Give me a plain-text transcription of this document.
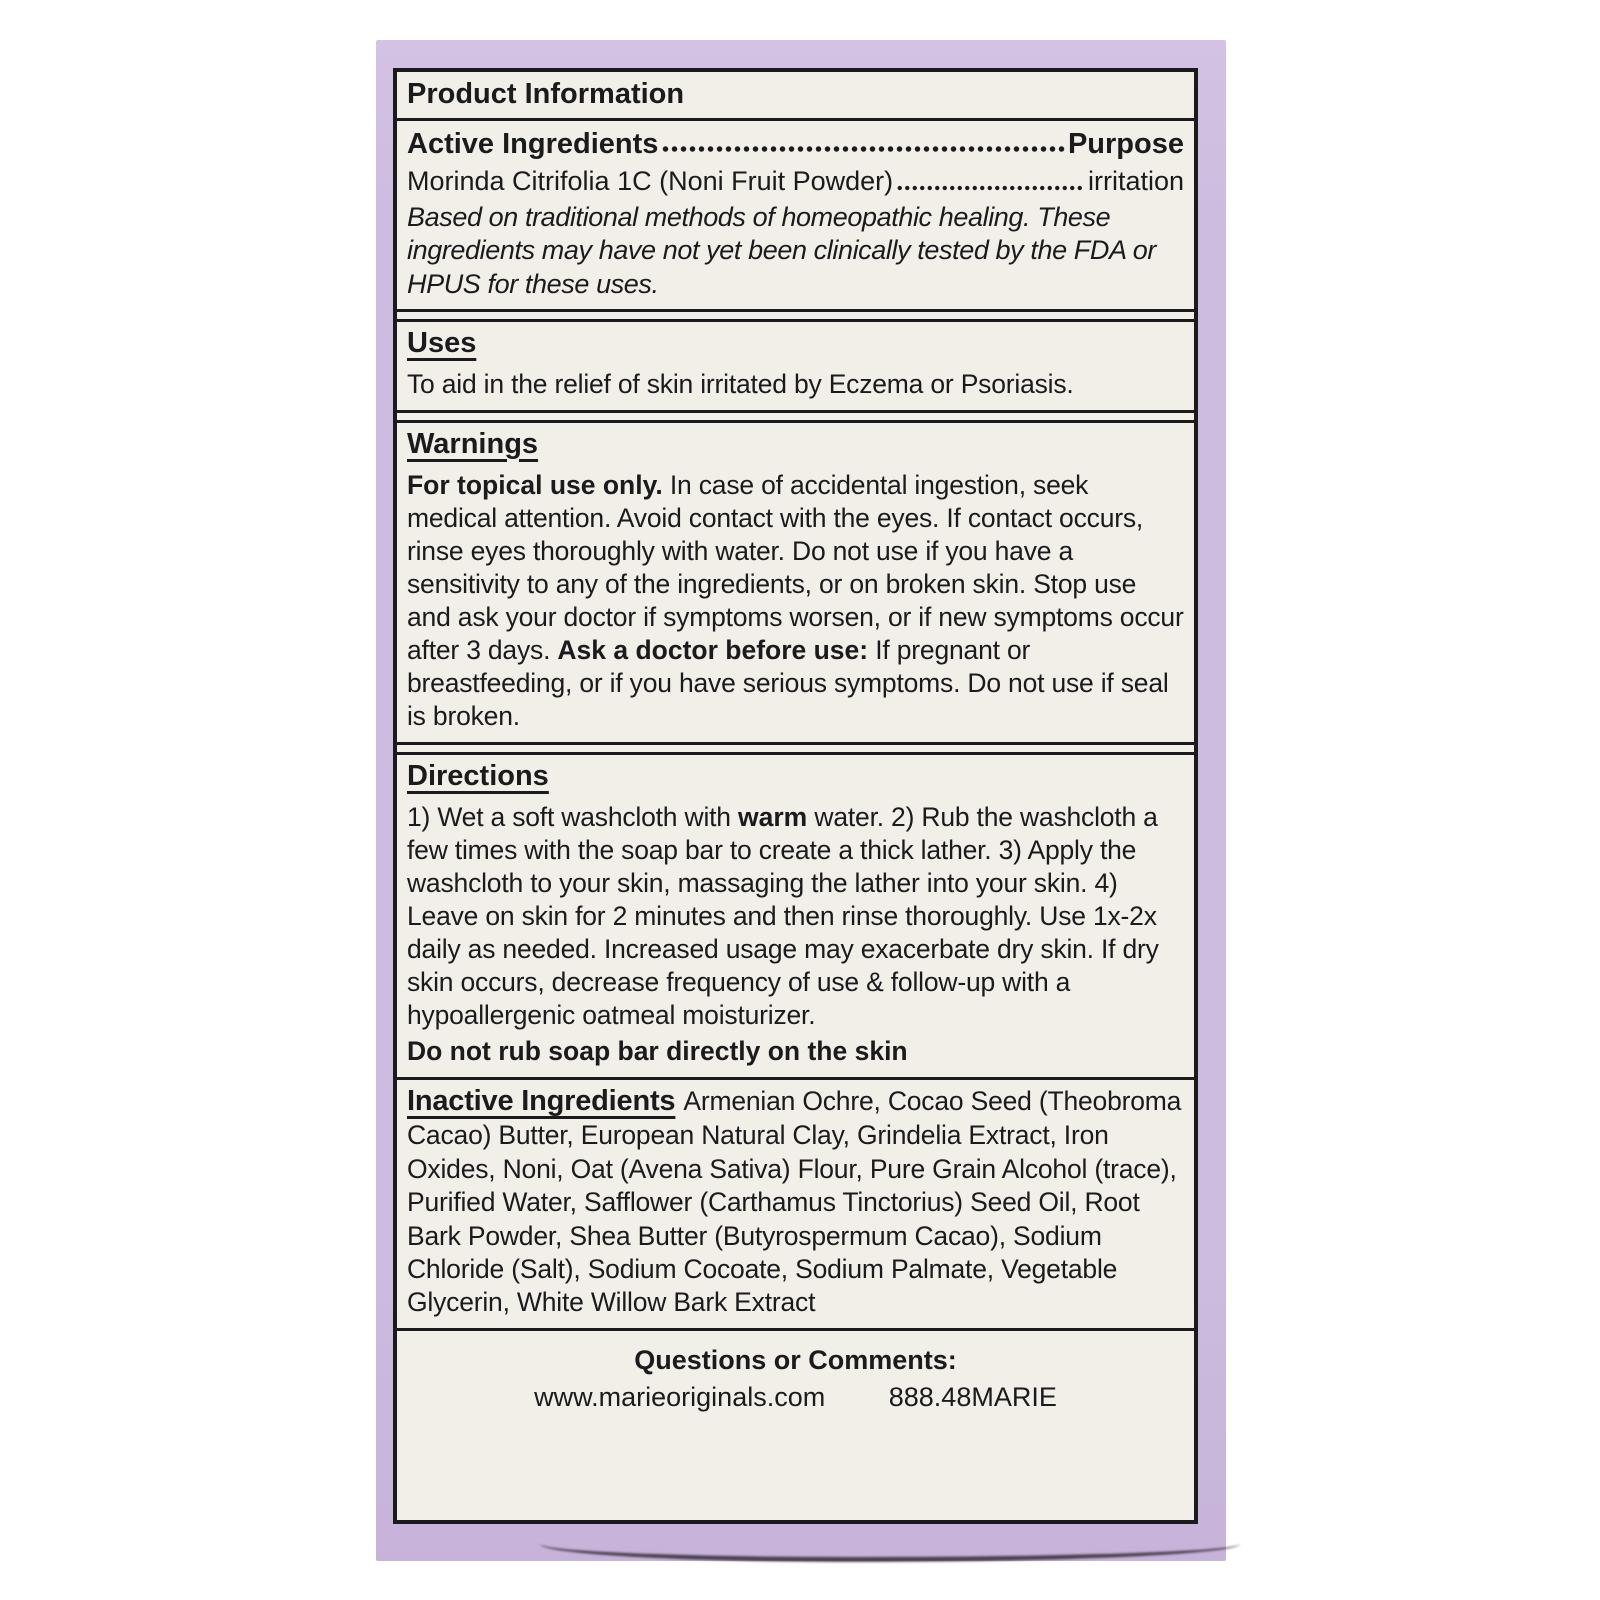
Product Information
Active Ingredients	Purpose
Morinda Citrifolia 1C (Noni Fruit Powder)	irritation

Based on traditional methods of homeopathic healing. These ingredients may have not yet been clinically tested by the FDA or HPUS for these uses.

Uses

To aid in the relief of skin irritated by Eczema or Psoriasis.

Warnings

For topical use only. In case of accidental ingestion, seek medical attention. Avoid contact with the eyes. If contact occurs, rinse eyes thoroughly with water. Do not use if you have a sensitivity to any of the ingredients, or on broken skin. Stop use and ask your doctor if symptoms worsen, or if new symptoms occur after 3 days. Ask a doctor before use: If pregnant or breastfeeding, or if you have serious symptoms. Do not use if seal is broken.

Directions

1) Wet a soft washcloth with warm water. 2) Rub the washcloth a few times with the soap bar to create a thick lather. 3) Apply the washcloth to your skin, massaging the lather into your skin. 4) Leave on skin for 2 minutes and then rinse thoroughly. Use 1x-2x daily as needed. Increased usage may exacerbate dry skin. If dry skin occurs, decrease frequency of use & follow-up with a hypoallergenic oatmeal moisturizer.

Do not rub soap bar directly on the skin

Inactive Ingredients Armenian Ochre, Cocao Seed (Theobroma Cacao) Butter, European Natural Clay, Grindelia Extract, Iron Oxides, Noni, Oat (Avena Sativa) Flour, Pure Grain Alcohol (trace), Purified Water, Safflower (Carthamus Tinctorius) Seed Oil, Root Bark Powder, Shea Butter (Butyrospermum Cacao), Sodium Chloride (Salt), Sodium Cocoate, Sodium Palmate, Vegetable Glycerin, White Willow Bark Extract

Questions or Comments:
www.marieoriginals.com 888.48MARIE
